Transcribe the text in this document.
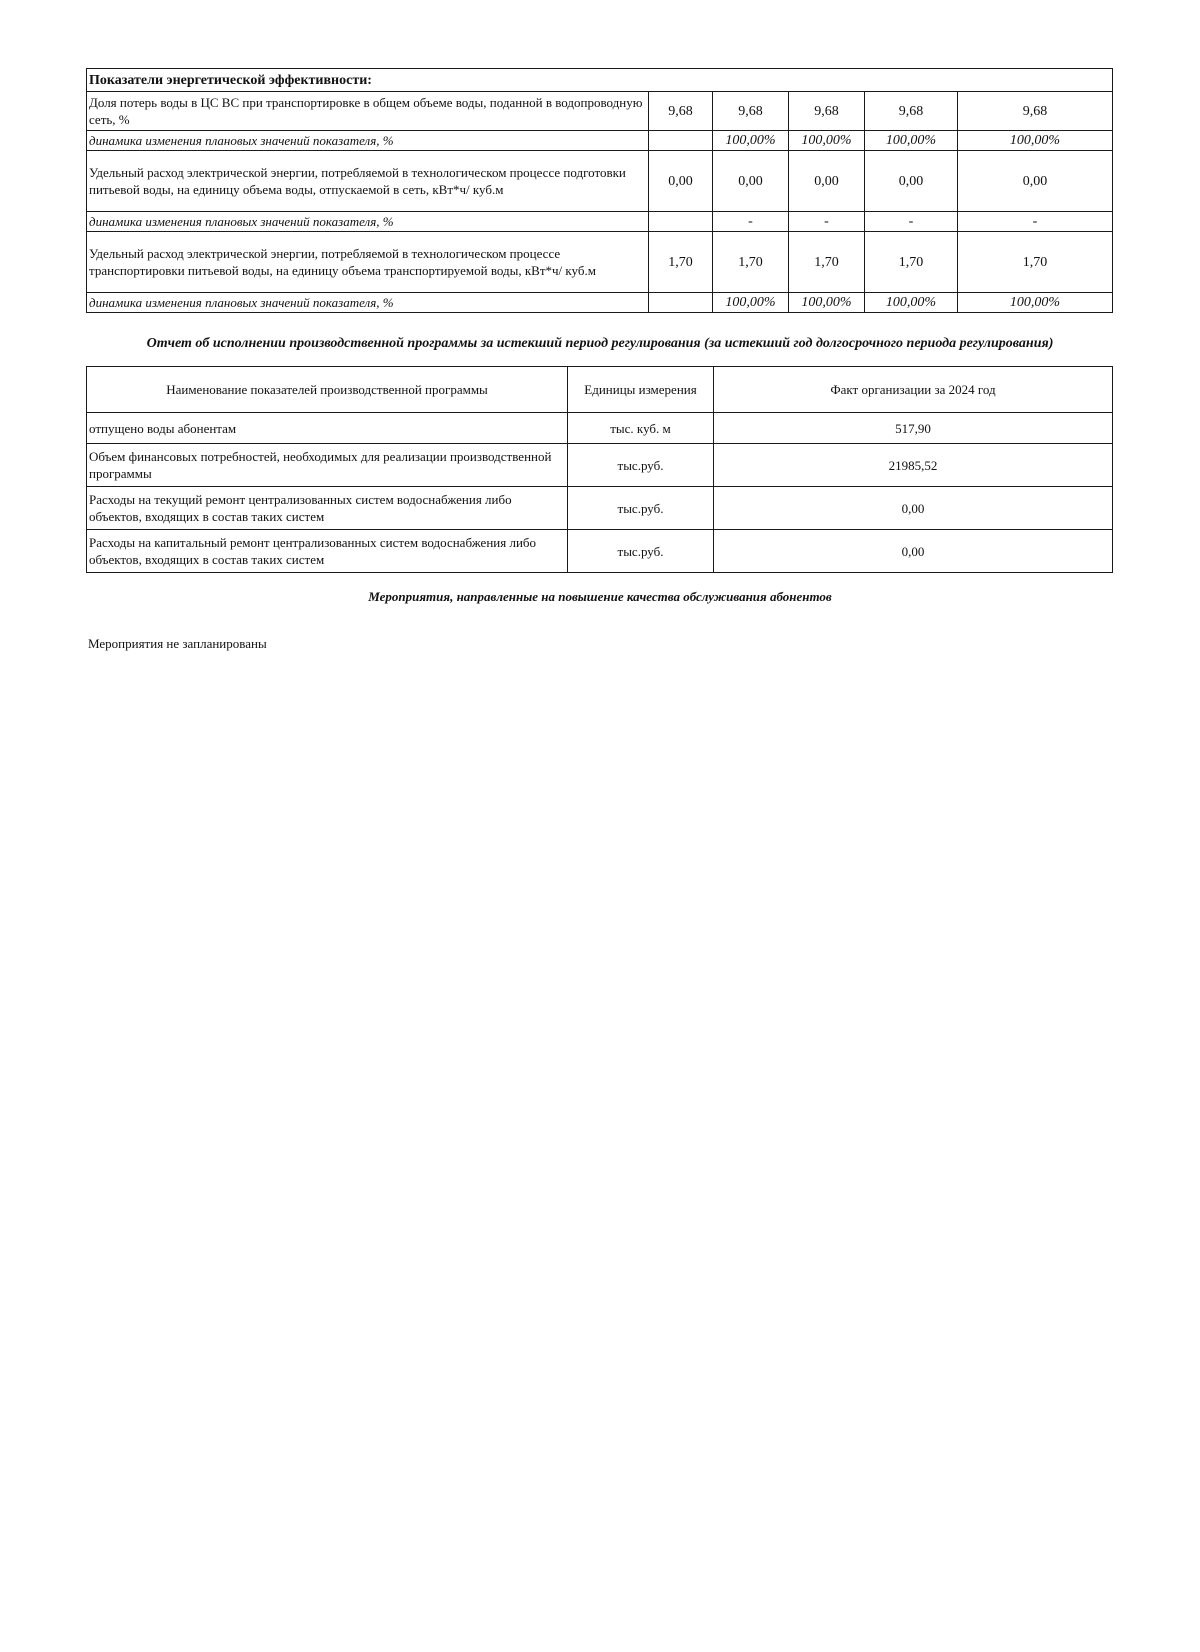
Показатели энергетической эффективности:					
Доля потерь воды в ЦС ВС при транспортировке в общем объеме воды, поданной в водопроводную сеть, %	9,68	9,68	9,68	9,68	9,68
динамика изменения плановых значений показателя, %		100,00%	100,00%	100,00%	100,00%
Удельный расход электрической энергии, потребляемой в технологическом процессе подготовки питьевой воды, на единицу объема воды, отпускаемой в сеть, кВт*ч/ куб.м	0,00	0,00	0,00	0,00	0,00
динамика изменения плановых значений показателя, %		-	-	-	-
Удельный расход электрической энергии, потребляемой в технологическом процессе транспортировки питьевой воды, на единицу объема транспортируемой воды, кВт*ч/ куб.м	1,70	1,70	1,70	1,70	1,70
динамика изменения плановых значений показателя, %		100,00%	100,00%	100,00%	100,00%
Отчет об исполнении производственной программы за истекший период регулирования (за истекший год долгосрочного периода регулирования)
Наименование показателей производственной программы	Единицы измерения	Факт организации за 2024 год
отпущено воды абонентам	тыс. куб. м	517,90
Объем финансовых потребностей, необходимых для реализации производственной программы	тыс.руб.	21985,52
Расходы на текущий ремонт централизованных систем водоснабжения либо объектов, входящих в состав таких систем	тыс.руб.	0,00
Расходы на капитальный ремонт централизованных систем водоснабжения либо объектов, входящих в состав таких систем	тыс.руб.	0,00
Мероприятия, направленные на повышение качества обслуживания абонентов
Мероприятия не запланированы
